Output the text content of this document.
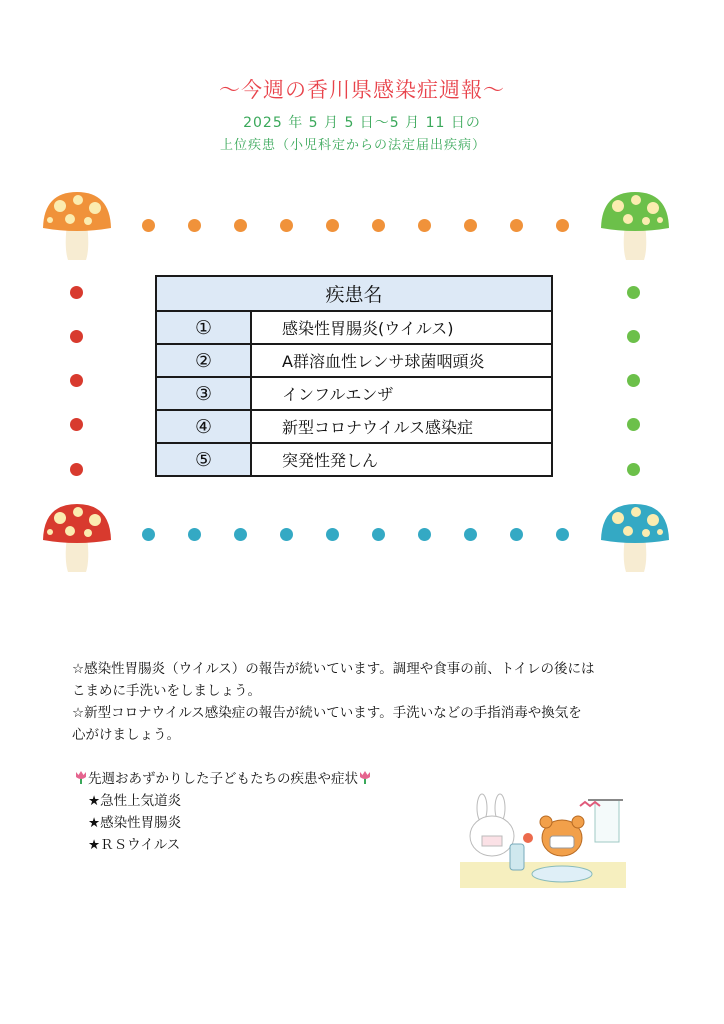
～今週の香川県感染症週報～
2025 年 5 月 5 日～5 月 11 日の
上位疾患（小児科定からの法定届出疾病）
疾患名	
①	感染性胃腸炎(ウイルス)
②	A群溶血性レンサ球菌咽頭炎
③	インフルエンザ
④	新型コロナウイルス感染症
⑤	突発性発しん

☆感染性胃腸炎（ウイルス）の報告が続いています。調理や食事の前、トイレの後には

こまめに手洗いをしましょう。

☆新型コロナウイルス感染症の報告が続いています。手洗いなどの手指消毒や換気を

心がけましょう。

先週おあずかりした子どもたちの疾患や症状
★急性上気道炎
★感染性胃腸炎
★ＲＳウイルス
